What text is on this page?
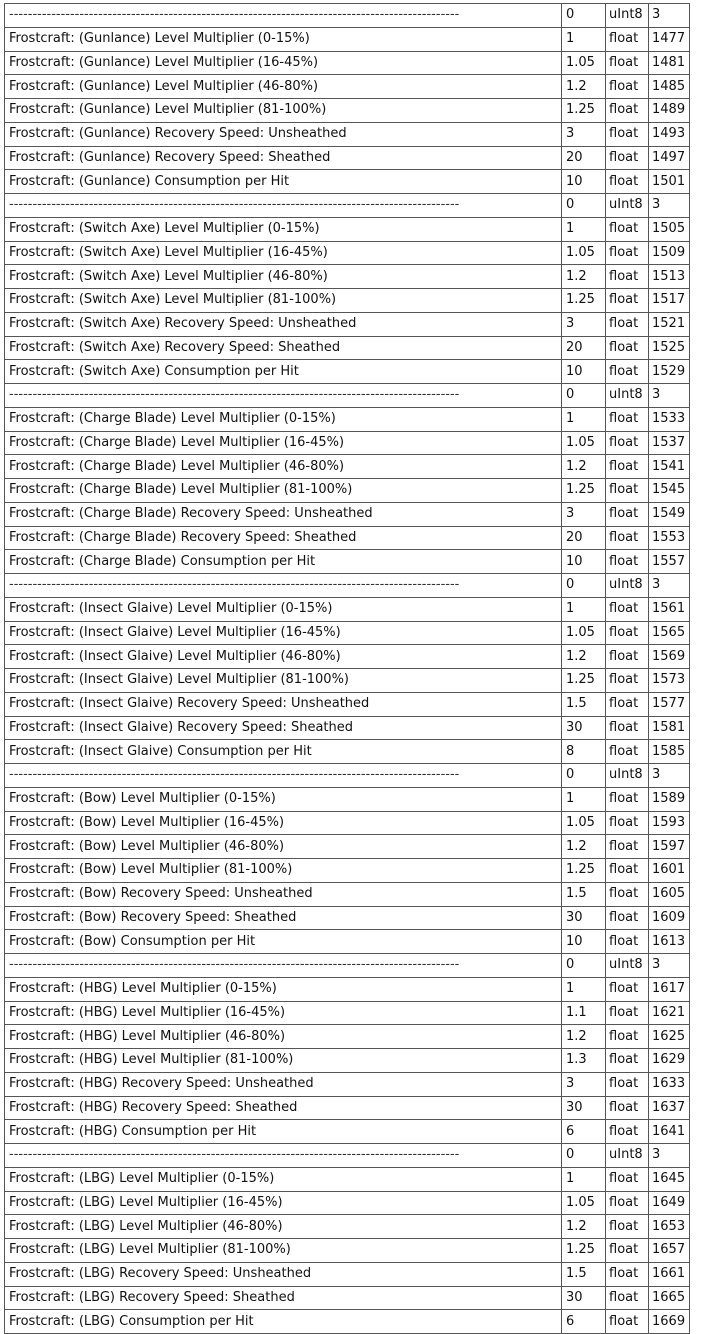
------------------------------------------------------------------------------------------------	0	uInt8	3
Frostcraft: (Gunlance) Level Multiplier (0-15%)	1	float	1477
Frostcraft: (Gunlance) Level Multiplier (16-45%)	1.05	float	1481
Frostcraft: (Gunlance) Level Multiplier (46-80%)	1.2	float	1485
Frostcraft: (Gunlance) Level Multiplier (81-100%)	1.25	float	1489
Frostcraft: (Gunlance) Recovery Speed: Unsheathed	3	float	1493
Frostcraft: (Gunlance) Recovery Speed: Sheathed	20	float	1497
Frostcraft: (Gunlance) Consumption per Hit	10	float	1501
------------------------------------------------------------------------------------------------	0	uInt8	3
Frostcraft: (Switch Axe) Level Multiplier (0-15%)	1	float	1505
Frostcraft: (Switch Axe) Level Multiplier (16-45%)	1.05	float	1509
Frostcraft: (Switch Axe) Level Multiplier (46-80%)	1.2	float	1513
Frostcraft: (Switch Axe) Level Multiplier (81-100%)	1.25	float	1517
Frostcraft: (Switch Axe) Recovery Speed: Unsheathed	3	float	1521
Frostcraft: (Switch Axe) Recovery Speed: Sheathed	20	float	1525
Frostcraft: (Switch Axe) Consumption per Hit	10	float	1529
------------------------------------------------------------------------------------------------	0	uInt8	3
Frostcraft: (Charge Blade) Level Multiplier (0-15%)	1	float	1533
Frostcraft: (Charge Blade) Level Multiplier (16-45%)	1.05	float	1537
Frostcraft: (Charge Blade) Level Multiplier (46-80%)	1.2	float	1541
Frostcraft: (Charge Blade) Level Multiplier (81-100%)	1.25	float	1545
Frostcraft: (Charge Blade) Recovery Speed: Unsheathed	3	float	1549
Frostcraft: (Charge Blade) Recovery Speed: Sheathed	20	float	1553
Frostcraft: (Charge Blade) Consumption per Hit	10	float	1557
------------------------------------------------------------------------------------------------	0	uInt8	3
Frostcraft: (Insect Glaive) Level Multiplier (0-15%)	1	float	1561
Frostcraft: (Insect Glaive) Level Multiplier (16-45%)	1.05	float	1565
Frostcraft: (Insect Glaive) Level Multiplier (46-80%)	1.2	float	1569
Frostcraft: (Insect Glaive) Level Multiplier (81-100%)	1.25	float	1573
Frostcraft: (Insect Glaive) Recovery Speed: Unsheathed	1.5	float	1577
Frostcraft: (Insect Glaive) Recovery Speed: Sheathed	30	float	1581
Frostcraft: (Insect Glaive) Consumption per Hit	8	float	1585
------------------------------------------------------------------------------------------------	0	uInt8	3
Frostcraft: (Bow) Level Multiplier (0-15%)	1	float	1589
Frostcraft: (Bow) Level Multiplier (16-45%)	1.05	float	1593
Frostcraft: (Bow) Level Multiplier (46-80%)	1.2	float	1597
Frostcraft: (Bow) Level Multiplier (81-100%)	1.25	float	1601
Frostcraft: (Bow) Recovery Speed: Unsheathed	1.5	float	1605
Frostcraft: (Bow) Recovery Speed: Sheathed	30	float	1609
Frostcraft: (Bow) Consumption per Hit	10	float	1613
------------------------------------------------------------------------------------------------	0	uInt8	3
Frostcraft: (HBG) Level Multiplier (0-15%)	1	float	1617
Frostcraft: (HBG) Level Multiplier (16-45%)	1.1	float	1621
Frostcraft: (HBG) Level Multiplier (46-80%)	1.2	float	1625
Frostcraft: (HBG) Level Multiplier (81-100%)	1.3	float	1629
Frostcraft: (HBG) Recovery Speed: Unsheathed	3	float	1633
Frostcraft: (HBG) Recovery Speed: Sheathed	30	float	1637
Frostcraft: (HBG) Consumption per Hit	6	float	1641
------------------------------------------------------------------------------------------------	0	uInt8	3
Frostcraft: (LBG) Level Multiplier (0-15%)	1	float	1645
Frostcraft: (LBG) Level Multiplier (16-45%)	1.05	float	1649
Frostcraft: (LBG) Level Multiplier (46-80%)	1.2	float	1653
Frostcraft: (LBG) Level Multiplier (81-100%)	1.25	float	1657
Frostcraft: (LBG) Recovery Speed: Unsheathed	1.5	float	1661
Frostcraft: (LBG) Recovery Speed: Sheathed	30	float	1665
Frostcraft: (LBG) Consumption per Hit	6	float	1669
